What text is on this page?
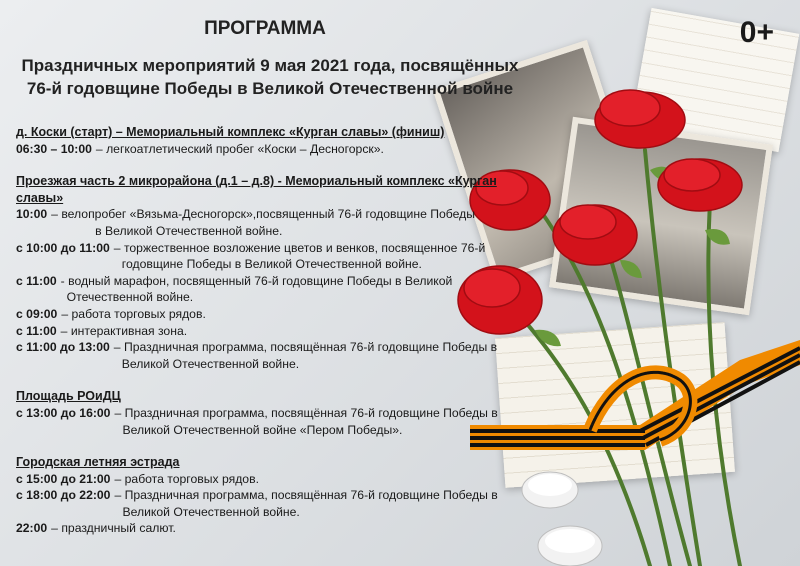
ПРОГРАММА
Праздничных мероприятий 9 мая 2021 года, посвящённых
76-й годовщине Победы в Великой Отечественной войне
0+
д. Коски (старт) – Мемориальный комплекс «Курган славы» (финиш)
06:30 – 10:00 – легкоатлетический пробег «Коски – Десногорск».
Проезжая часть 2 микрорайона (д.1 – д.8) - Мемориальный комплекс «Курган славы»
10:00 – велопробег «Вязьма-Десногорск»,посвященный 76-й годовщине Победы
в Великой Отечественной войне.
с 10:00 до 11:00 – торжественное возложение цветов и венков, посвященное 76-й
годовщине Победы в Великой Отечественной войне.
с 11:00 - водный марафон, посвященный 76-й годовщине Победы в Великой
Отечественной войне.
с 09:00 – работа торговых рядов.
с 11:00 – интерактивная зона.
с 11:00 до 13:00 – Праздничная программа, посвящённая 76-й годовщине Победы в
Великой Отечественной войне.
Площадь РОиДЦ
с 13:00 до 16:00 – Праздничная программа, посвящённая 76-й годовщине Победы в
Великой Отечественной войне «Пером Победы».
Городская летняя эстрада
с 15:00 до 21:00 – работа торговых рядов.
с 18:00 до 22:00 – Праздничная программа, посвящённая 76-й годовщине Победы в
Великой Отечественной войне.
22:00 – праздничный салют.
